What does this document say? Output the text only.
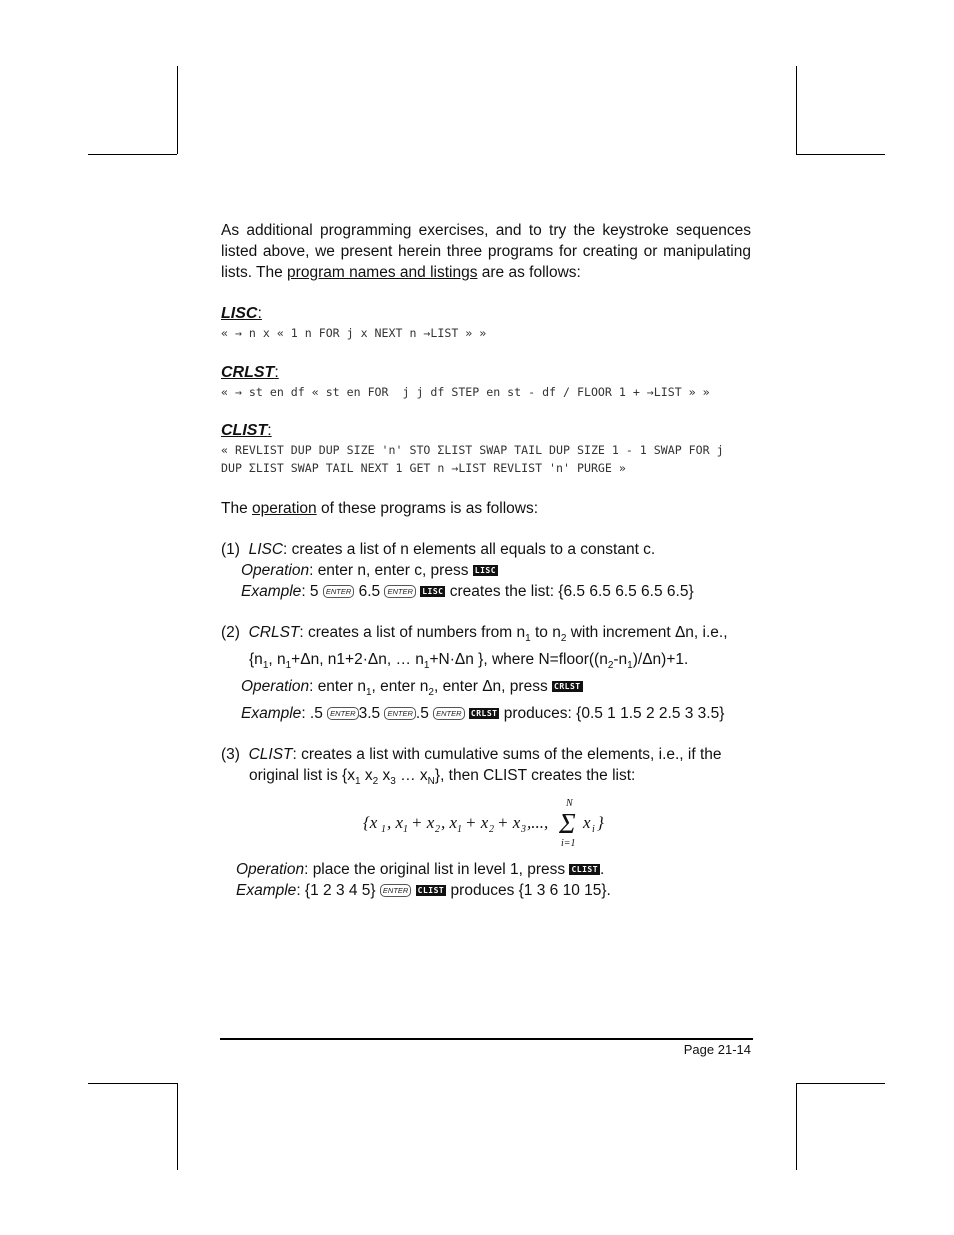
As additional programming exercises, and to try the keystroke sequences listed above, we present herein three programs for creating or manipulating lists. The program names and listings are as follows:

LISC:

« → n x « 1 n FOR j x NEXT n →LIST » »

CRLST:

« → st en df « st en FOR  j j df STEP en st - df / FLOOR 1 + →LIST » »

CLIST:

« REVLIST DUP DUP SIZE 'n' STO ΣLIST SWAP TAIL DUP SIZE 1 - 1 SWAP FOR j DUP ΣLIST SWAP TAIL NEXT 1 GET n →LIST REVLIST 'n' PURGE »

The operation of these programs is as follows:

(1) LISC: creates a list of n elements all equals to a constant c.

Operation: enter n, enter c, press LISC

Example: 5 ENTER 6.5 ENTER LISC creates the list: {6.5 6.5 6.5 6.5 6.5}

(2) CRLST: creates a list of numbers from $n_1$ to $n_2$ with increment Δn, i.e.,

{$n_1$, $n_1+\Delta n$, n1+2·Δn, … $n_1+N\cdot\Delta n$ }, where $N=floor((n_2-n_1)/\Delta n)+1$.

Operation: enter $n_1$, enter $n_2$, enter Δn, press CRLST

Example: .5 ENTER 3.5 ENTER .5 ENTER CRLST produces: {0.5 1 1.5 2 2.5 3 3.5}

(3) CLIST: creates a list with cumulative sums of the elements, i.e., if the

original list is {$x_1$ $x_2$ $x_3$ … $x_N$}, then CLIST creates the list:

{x 1 , x 1 + x 2 , x 1 + x 2 + x 3 ,..., Σ
N
i=1
x i }

Operation: place the original list in level 1, press CLIST .

Example: {1 2 3 4 5} ENTER CLIST produces {1 3 6 10 15}.

Page 21-14
